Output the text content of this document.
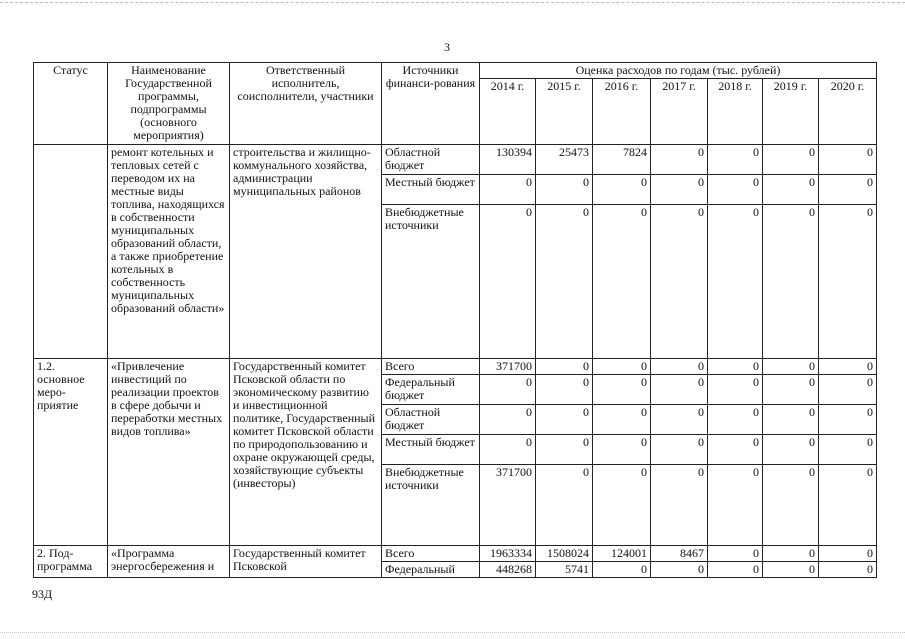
3
Статус	Наименование Государственной программы, подпрограммы (основного мероприятия)	Ответственный исполнитель, соисполнители, участники	Источники финанси-рования	Оценка расходов по годам (тыс. рублей)						
				2014 г.	2015 г.	2016 г.	2017 г.	2018 г.	2019 г.	2020 г.
	ремонт котельных и тепловых сетей с переводом их на местные виды топлива, находящихся в собственности муниципальных образований области, а также приобретение котельных в собственность муниципальных образований области»	строительства и жилищно-коммунального хозяйства, администрации муниципальных районов	Областной бюджет	130394	25473	7824	0	0	0	0
			Местный бюджет	0	0	0	0	0	0	0
			Внебюджетные источники	0	0	0	0	0	0	0
1.2. основное меро-приятие	«Привлечение инвестиций по реализации проектов в сфере добычи и переработки местных видов топлива»	Государственный комитет Псковской области по экономическому развитию и инвестиционной политике, Государственный комитет Псковской области по природопользованию и охране окружающей среды, хозяйствующие субъекты (инвесторы)	Всего	371700	0	0	0	0	0	0
			Федеральный бюджет	0	0	0	0	0	0	0
			Областной бюджет	0	0	0	0	0	0	0
			Местный бюджет	0	0	0	0	0	0	0
			Внебюджетные источники	371700	0	0	0	0	0	0
2. Под-программа	«Программа энергосбережения и	Государственный комитет Псковской	Всего	1963334	1508024	124001	8467	0	0	0
			Федеральный	448268	5741	0	0	0	0	0
93Д
